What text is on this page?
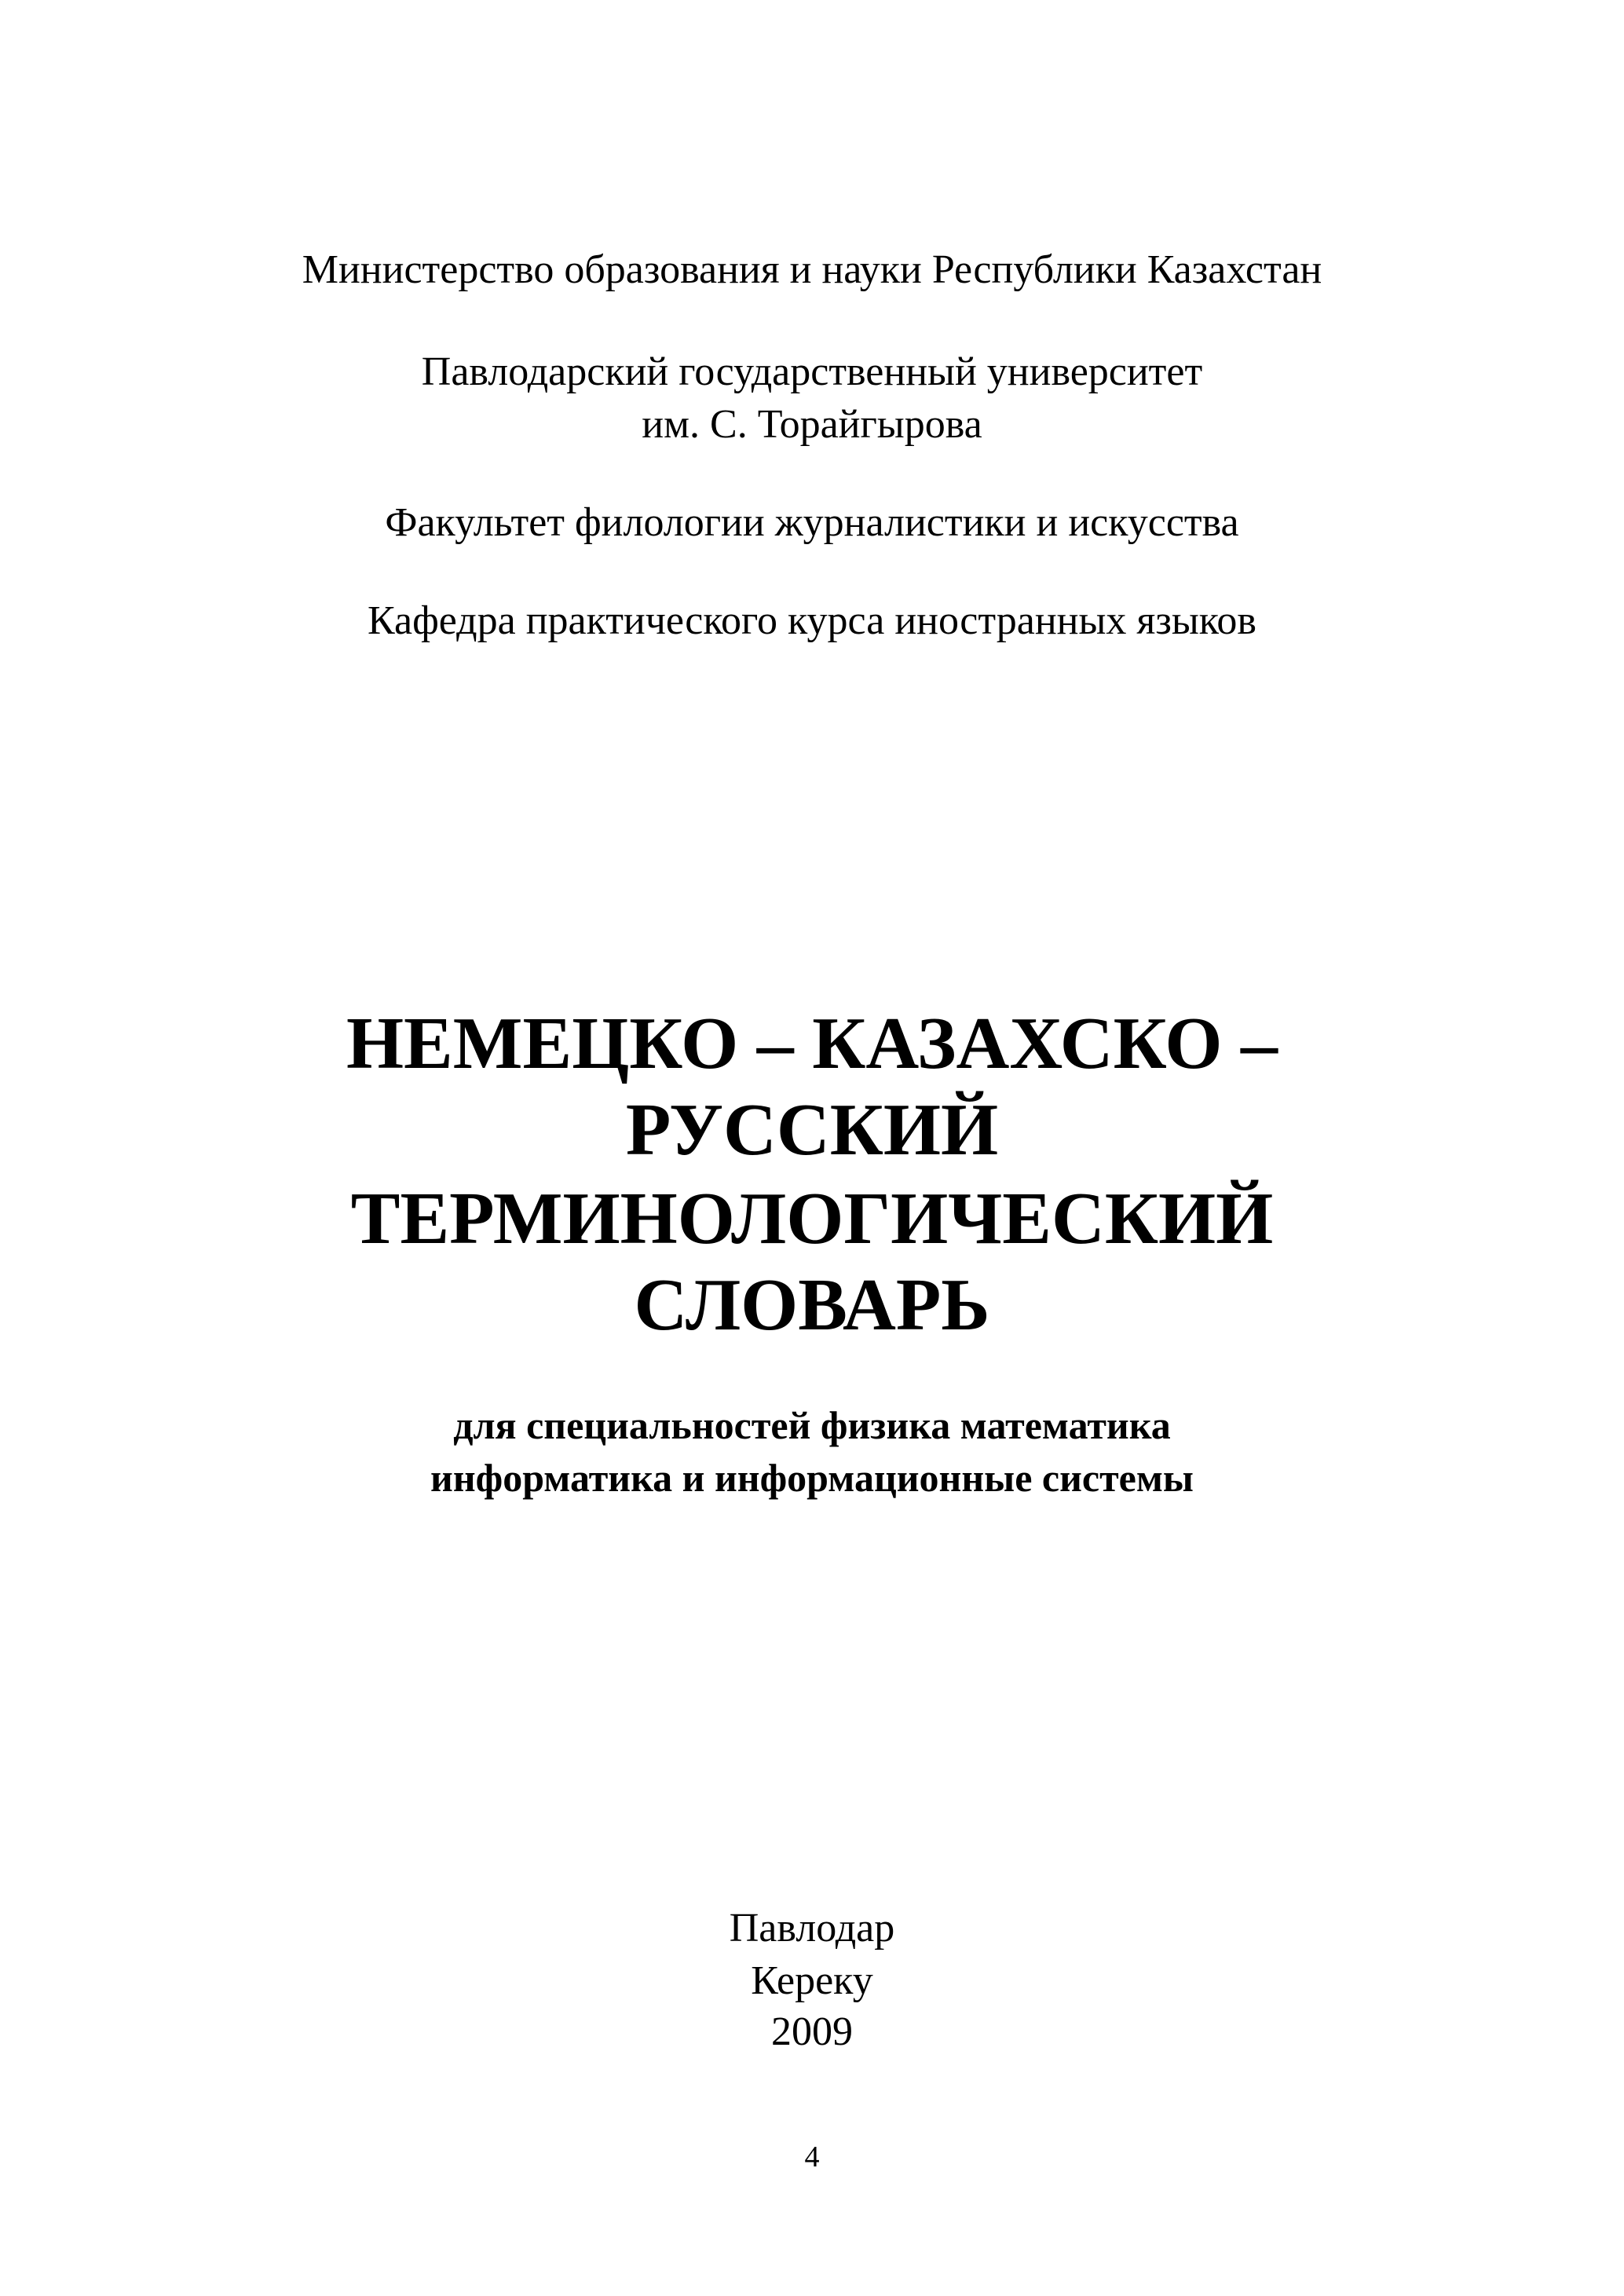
Министерство образования и науки Республики Казахстан
Павлодарский государственный университет
им. С. Торайгырова
Факультет филологии журналистики и искусства
Кафедра практического курса иностранных языков
НЕМЕЦКО – КАЗАХСКО –
РУССКИЙ
ТЕРМИНОЛОГИЧЕСКИЙ
СЛОВАРЬ
для специальностей физика математика
информатика и информационные системы
Павлодар
Кереку
2009
4
